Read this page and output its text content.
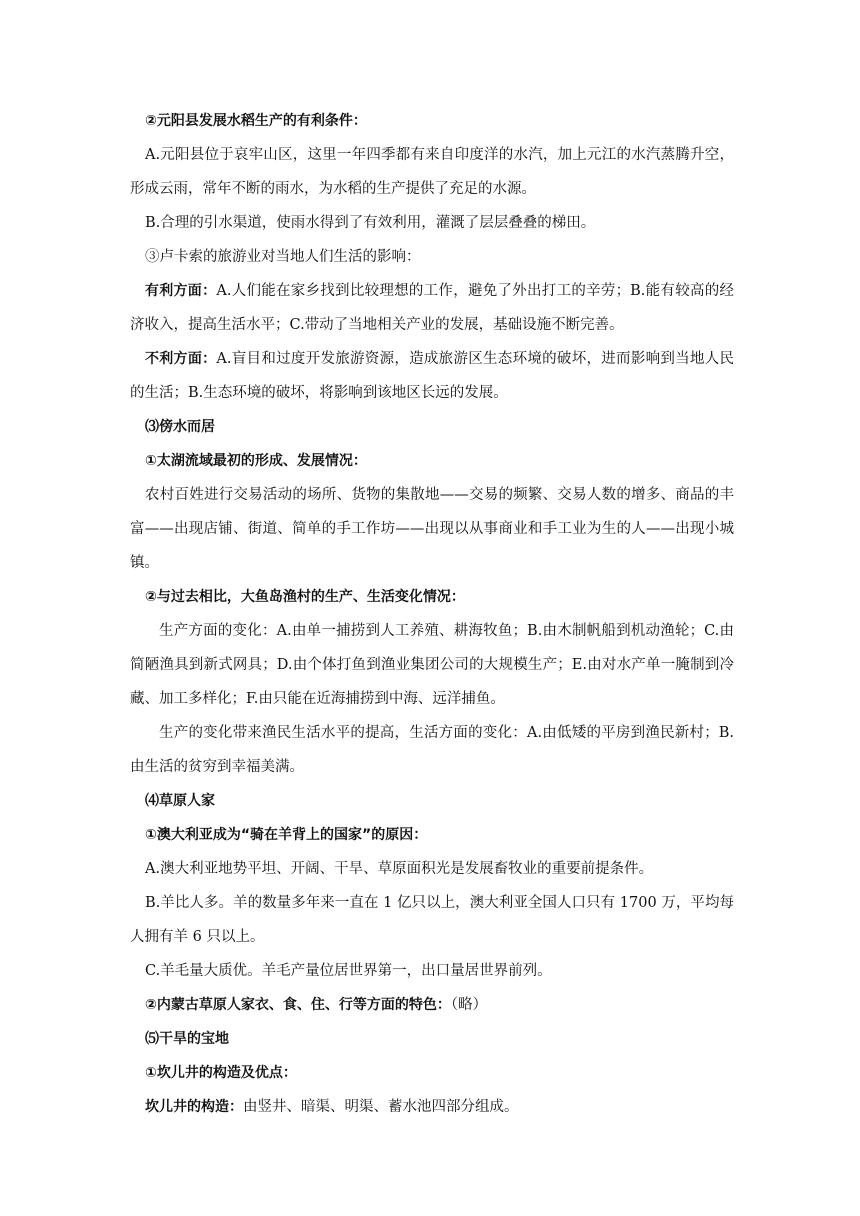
②元阳县发展水稻生产的有利条件：

A.元阳县位于哀牢山区，这里一年四季都有来自印度洋的水汽，加上元江的水汽蒸腾升空，形成云雨，常年不断的雨水，为水稻的生产提供了充足的水源。

B.合理的引水渠道，使雨水得到了有效利用，灌溉了层层叠叠的梯田。

③卢卡索的旅游业对当地人们生活的影响：

有利方面：A.人们能在家乡找到比较理想的工作，避免了外出打工的辛劳；B.能有较高的经济收入，提高生活水平；C.带动了当地相关产业的发展，基础设施不断完善。

不利方面：A.盲目和过度开发旅游资源，造成旅游区生态环境的破坏，进而影响到当地人民的生活；B.生态环境的破坏，将影响到该地区长远的发展。

⑶傍水而居

①太湖流域最初的形成、发展情况：

农村百姓进行交易活动的场所、货物的集散地——交易的频繁、交易人数的增多、商品的丰富——出现店铺、街道、简单的手工作坊——出现以从事商业和手工业为生的人——出现小城镇。

②与过去相比，大鱼岛渔村的生产、生活变化情况：

生产方面的变化：A.由单一捕捞到人工养殖、耕海牧鱼；B.由木制帆船到机动渔轮；C.由简陋渔具到新式网具；D.由个体打鱼到渔业集团公司的大规模生产；E.由对水产单一腌制到冷藏、加工多样化；F.由只能在近海捕捞到中海、远洋捕鱼。

生产的变化带来渔民生活水平的提高，生活方面的变化：A.由低矮的平房到渔民新村；B.由生活的贫穷到幸福美满。

⑷草原人家

①澳大利亚成为“骑在羊背上的国家”的原因：

A.澳大利亚地势平坦、开阔、干旱、草原面积光是发展畜牧业的重要前提条件。

B.羊比人多。羊的数量多年来一直在 1 亿只以上，澳大利亚全国人口只有 1700 万，平均每人拥有羊 6 只以上。

C.羊毛量大质优。羊毛产量位居世界第一，出口量居世界前列。

②内蒙古草原人家衣、食、住、行等方面的特色：（略）

⑸干旱的宝地

①坎儿井的构造及优点：

坎儿井的构造：由竖井、暗渠、明渠、蓄水池四部分组成。
